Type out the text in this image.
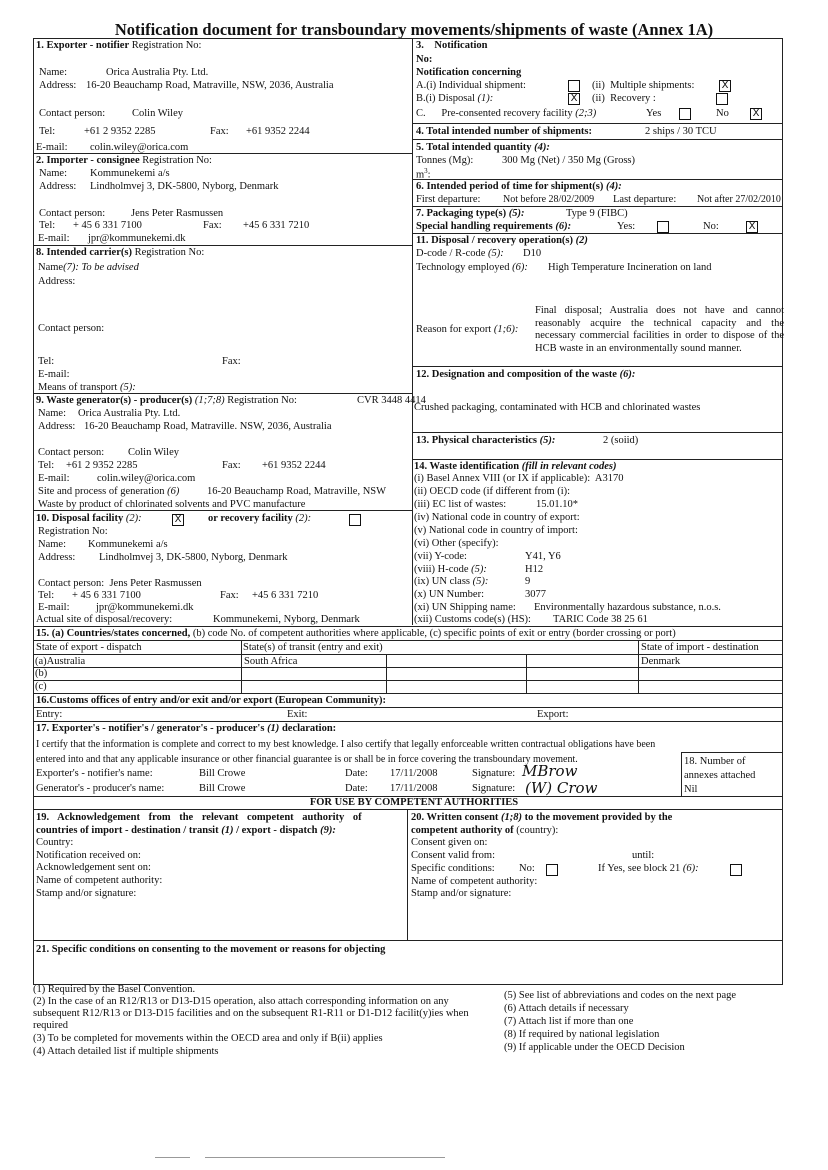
Notification document for transboundary movements/shipments of waste (Annex 1A)
1. Exporter - notifier Registration No:
Name:	Orica Australia Pty. Ltd.
Address: 16-20 Beauchamp Road, Matraville, NSW, 2036, Australia
Contact person:	Colin Wiley
Tel:	+61 2 9352 2285	Fax: +61 9352 2244
E-mail: colin.wiley@orica.com
2. Importer - consignee Registration No:
Name: Kommunekemi a/s
Address: Lindholmvej 3, DK-5800, Nyborg, Denmark
Contact person: Jens Peter Rasmussen
Tel: + 45 6 331 7100	Fax: +45 6 331 7210
E-mail: jpr@kommunekemi.dk
8. Intended carrier(s) Registration No:
Name(7): To be advised
Address:
Contact person:
Tel:	Fax:
E-mail:
Means of transport (5):
9. Waste generator(s) - producer(s) (1;7;8) Registration No:	CVR 3448 4414
Name: Orica Australia Pty. Ltd.
Address: 16-20 Beauchamp Road, Matraville. NSW, 2036, Australia
Contact person: Colin Wiley
Tel: +61 2 9352 2285	Fax: +61 9352 2244
E-mail:	colin.wiley@orica.com
Site and process of generation (6)	16-20 Beauchamp Road, Matraville, NSW
Waste by product of chlorinated solvents and PVC manufacture
10. Disposal facility (2):	X	or recovery facility (2):
Registration No:
Name: Kommunekemi a/s
Address: Lindholmvej 3, DK-5800, Nyborg, Denmark
Contact person: Jens Peter Rasmussen
Tel: + 45 6 331 7100	Fax: +45 6 331 7210
E-mail:	jpr@kommunekemi.dk
Actual site of disposal/recovery:	Kommunekemi, Nyborg, Denmark
3. Notification
No:
Notification concerning
A.(i) Individual shipment:	(ii) Multiple shipments:	X
B.(i) Disposal (1):	X (ii) Recovery :
C. Pre-consented recovery facility (2;3)	Yes	No X
4. Total intended number of shipments:	2 ships / 30 TCU
5. Total intended quantity (4):
Tonnes (Mg):	300 Mg (Net) / 350 Mg (Gross)
$m^3$:
6. Intended period of time for shipment(s) (4):
First departure: Not before 28/02/2009 Last departure: Not after 27/02/2010
7. Packaging type(s) (5):	Type 9 (FIBC)
Special handling requirements (6):	Yes:	No:	X
11. Disposal / recovery operation(s) (2)
D-code / R-code (5): D10
Technology employed (6): High Temperature Incineration on land
Reason for export (1;6):
Final disposal; Australia does not have and cannot reasonably acquire the technical capacity and the necessary commercial facilities in order to dispose of the HCB waste in an environmentally sound manner.
12. Designation and composition of the waste (6):
Crushed packaging, contaminated with HCB and chlorinated wastes
13. Physical characteristics (5):	2 (soiid)
14. Waste identification (fill in relevant codes)
(i) Basel Annex VIII (or IX if applicable): A3170
(ii) OECD code (if different from (i):
(iii) EC list of wastes:	15.01.10*
(iv) National code in country of export:
(v) National code in country of import:
(vi) Other (specify):
(vii) Y-code:	Y41, Y6
(viii) H-code (5):	H12
(ix) UN class (5):	9
(x) UN Number:	3077
(xi) UN Shipping name: Environmentally hazardous substance, n.o.s.
(xii) Customs code(s) (HS): TARIC Code 38 25 61
15. (a) Countries/states concerned, (b) code No. of competent authorities where applicable, (c) specific points of exit or entry (border crossing or port)
State of export - dispatch	State(s) of transit (entry and exit)	State of import - destination
(a)Australia	South Africa	Denmark
(b)
(c)
16.Customs offices of entry and/or exit and/or export (European Community):
Entry:	Exit:	Export:
17. Exporter's - notifier's / generator's - producer's (1) declaration:
I certify that the information is complete and correct to my best knowledge. I also certify that legally enforceable written contractual obligations have been
entered into and that any applicable insurance or other financial guarantee is or shall be in force covering the transboundary movement.
Exporter's - notifier's name:	Bill Crowe	Date: 17/11/2008	Signature: MBrow
Generator's - producer's name:	Bill Crowe	Date: 17/11/2008	Signature: (W) Crow
18. Number of
annexes attached
Nil
FOR USE BY COMPETENT AUTHORITIES
19. Acknowledgement from the relevant competent authority of
countries of import - destination / transit (1) / export - dispatch (9):
Country:
Notification received on:
Acknowledgement sent on:
Name of competent authority:
Stamp and/or signature:
20. Written consent (1;8) to the movement provided by the
competent authority of (country):
Consent given on:
Consent valid from:	until:
Specific conditions: No:	If Yes, see block 21 (6):
Name of competent authority:
Stamp and/or signature:
21. Specific conditions on consenting to the movement or reasons for objecting
(1) Required by the Basel Convention.
(2) In the case of an R12/R13 or D13-D15 operation, also attach corresponding information on any
subsequent R12/R13 or D13-D15 facilities and on the subsequent R1-R11 or D1-D12 facilit(y)ies when
required
(3) To be completed for movements within the OECD area and only if B(ii) applies
(4) Attach detailed list if multiple shipments
(5) See list of abbreviations and codes on the next page
(6) Attach details if necessary
(7) Attach list if more than one
(8) If required by national legislation
(9) If applicable under the OECD Decision
